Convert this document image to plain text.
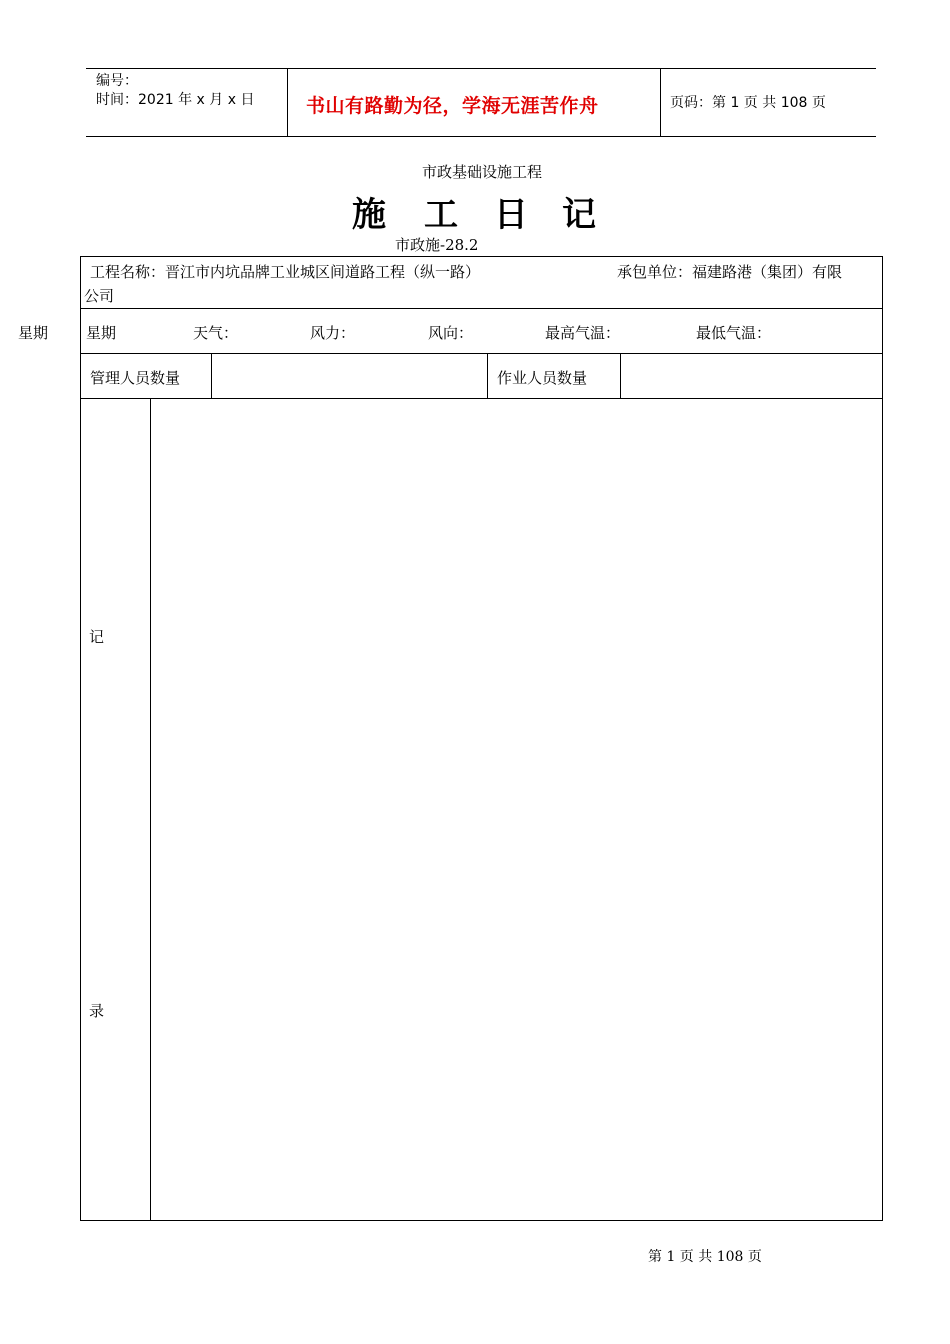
编号：
时间：2021 年 x 月 x 日	书山有路勤为径，学海无涯苦作舟	页码：第 1 页 共 108 页
市政基础设施工程
施 工 日 记
市政施-28.2
星期
工程名称：晋江市内坑品牌工业城区间道路工程（纵一路）	承包单位：福建路港（集团）有限
公司
星期	天气：	风力：	风向：	最高气温：	最低气温：
管理人员数量	作业人员数量
记
录
第 1 页 共 108 页
